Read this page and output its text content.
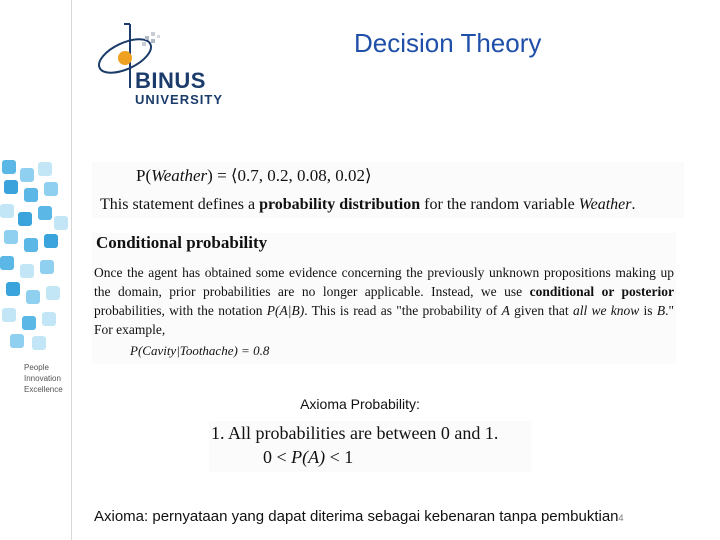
People
Innovation
Excellence
BINUS
UNIVERSITY
Decision Theory
P(Weather) = ⟨0.7, 0.2, 0.08, 0.02⟩
This statement defines a probability distribution for the random variable Weather.
Conditional probability
Once the agent has obtained some evidence concerning the previously unknown propositions making up the domain, prior probabilities are no longer applicable. Instead, we use conditional or posterior probabilities, with the notation P(A|B). This is read as "the probability of A given that all we know is B." For example,
P(Cavity|Toothache) = 0.8
Axioma Probability:
1. All probabilities are between 0 and 1.
0 < P(A) < 1
Axioma: pernyataan yang dapat diterima sebagai kebenaran tanpa pembuktian4
